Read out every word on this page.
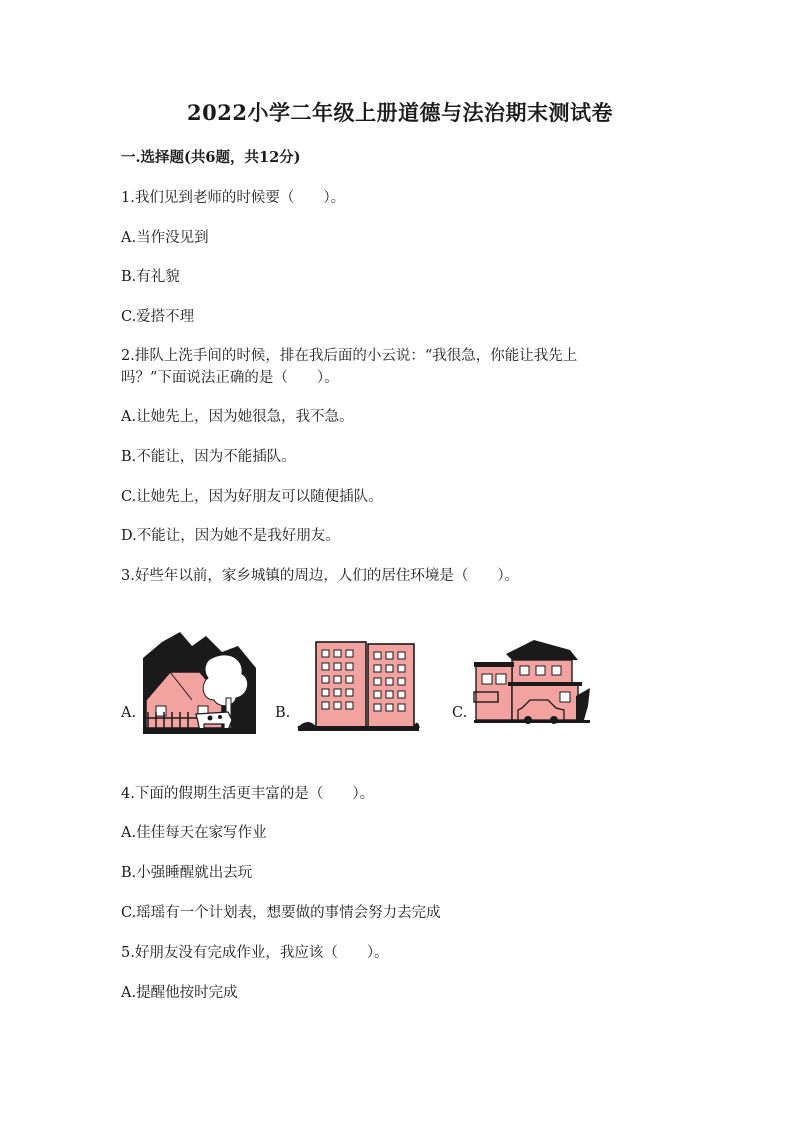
2022小学二年级上册道德与法治期末测试卷
一.选择题(共6题，共12分)
1.我们见到老师的时候要（　　）。
A.当作没见到
B.有礼貌
C.爱搭不理
2.排队上洗手间的时候，排在我后面的小云说：“我很急，你能让我先上
吗？”下面说法正确的是（　　）。
A.让她先上，因为她很急，我不急。
B.不能让，因为不能插队。
C.让她先上，因为好朋友可以随便插队。
D.不能让，因为她不是我好朋友。
3.好些年以前，家乡城镇的周边，人们的居住环境是（　　）。
A.	B.	C.
4.下面的假期生活更丰富的是（　　）。
A.佳佳每天在家写作业
B.小强睡醒就出去玩
C.瑶瑶有一个计划表，想要做的事情会努力去完成
5.好朋友没有完成作业，我应该（　　）。
A.提醒他按时完成
